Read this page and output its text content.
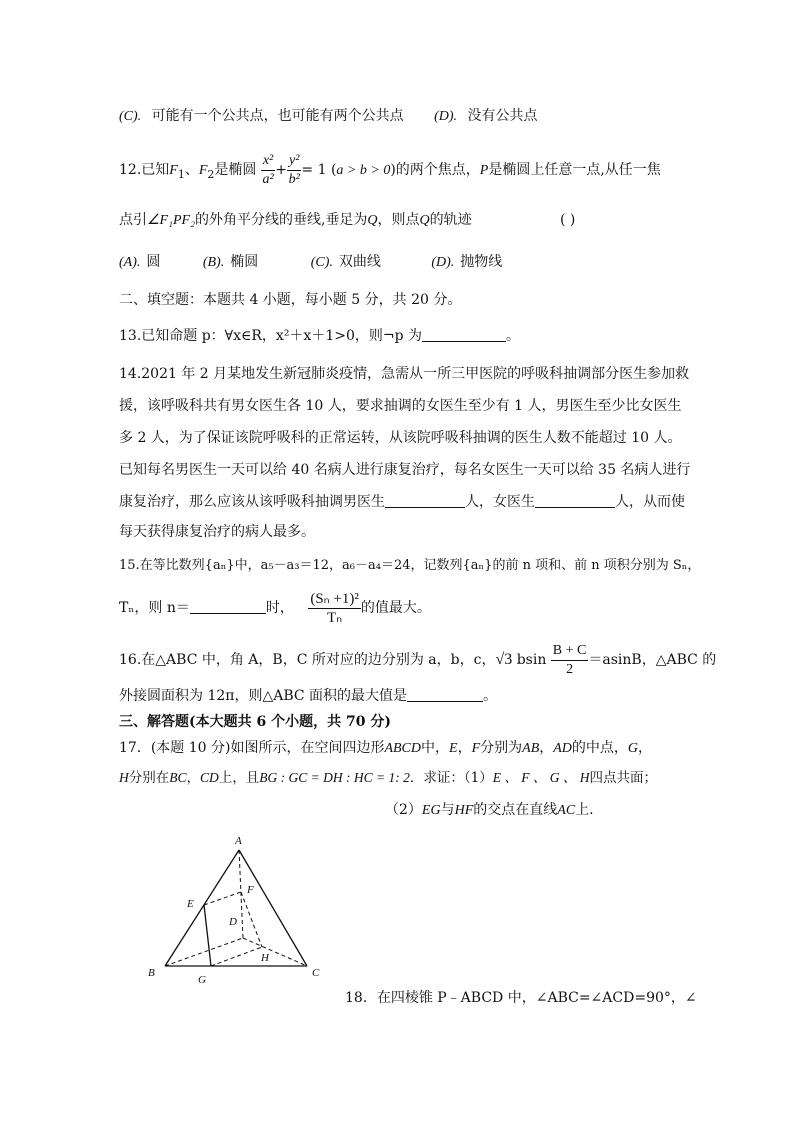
(C). 可能有一个公共点，也可能有两个公共点 (D). 没有公共点
12.已知$F_1$、$F_2$是椭圆 $\frac{\text{x²}}{\text{a²}} + \frac{\text{y²}}{\text{b²}} = 1$ (a > b > 0)的两个焦点，P是椭圆上任意一点,从任一焦
点引∠F₁PF₂的外角平分线的垂线,垂足为Q，则点Q的轨迹	( )
(A). 圆	(B). 椭圆	(C). 双曲线	(D). 抛物线
二、填空题：本题共 4 小题，每小题 5 分，共 20 分。
13.已知命题 p：∀x∈R，x²＋x＋1>0，则¬p 为	。
14.2021 年 2 月某地发生新冠肺炎疫情，急需从一所三甲医院的呼吸科抽调部分医生参加救
援，该呼吸科共有男女医生各 10 人，要求抽调的女医生至少有 1 人，男医生至少比女医生
多 2 人，为了保证该院呼吸科的正常运转，从该院呼吸科抽调的医生人数不能超过 10 人。
已知每名男医生一天可以给 40 名病人进行康复治疗，每名女医生一天可以给 35 名病人进行
康复治疗，那么应该从该呼吸科抽调男医生	人，女医生	人，从而使
每天获得康复治疗的病人最多。
15.在等比数列{aₙ}中，a₅－a₃＝12，a₆－a₄＝24，记数列{aₙ}的前 n 项和、前 n 项积分别为 Sₙ，
Tₙ，则 n＝	时， $\frac{\text{(Sₙ +1)²}}{\text{Tₙ}}$ 的值最大。
16.在△ABC 中，角 A，B，C 所对应的边分别为 a，b，c，√3 bsin $\frac{B + C}{2} =asinB$，△ABC 的
外接圆面积为 12π，则△ABC 面积的最大值是	。
三、解答题(本大题共 6 个小题，共 70 分)
17．(本题 10 分)如图所示，在空间四边形ABCD中，E，F分别为AB，AD的中点，G，
H分别在BC，CD上，且BG : GC = DH : HC = 1: 2．求证：（1）E 、 F 、 G 、 H四点共面；
（2）EG与HF的交点在直线AC上.
A
B	C
D
E
F
G
H
18．在四棱锥 P﹣ABCD 中，∠ABC=∠ACD=90°，∠
